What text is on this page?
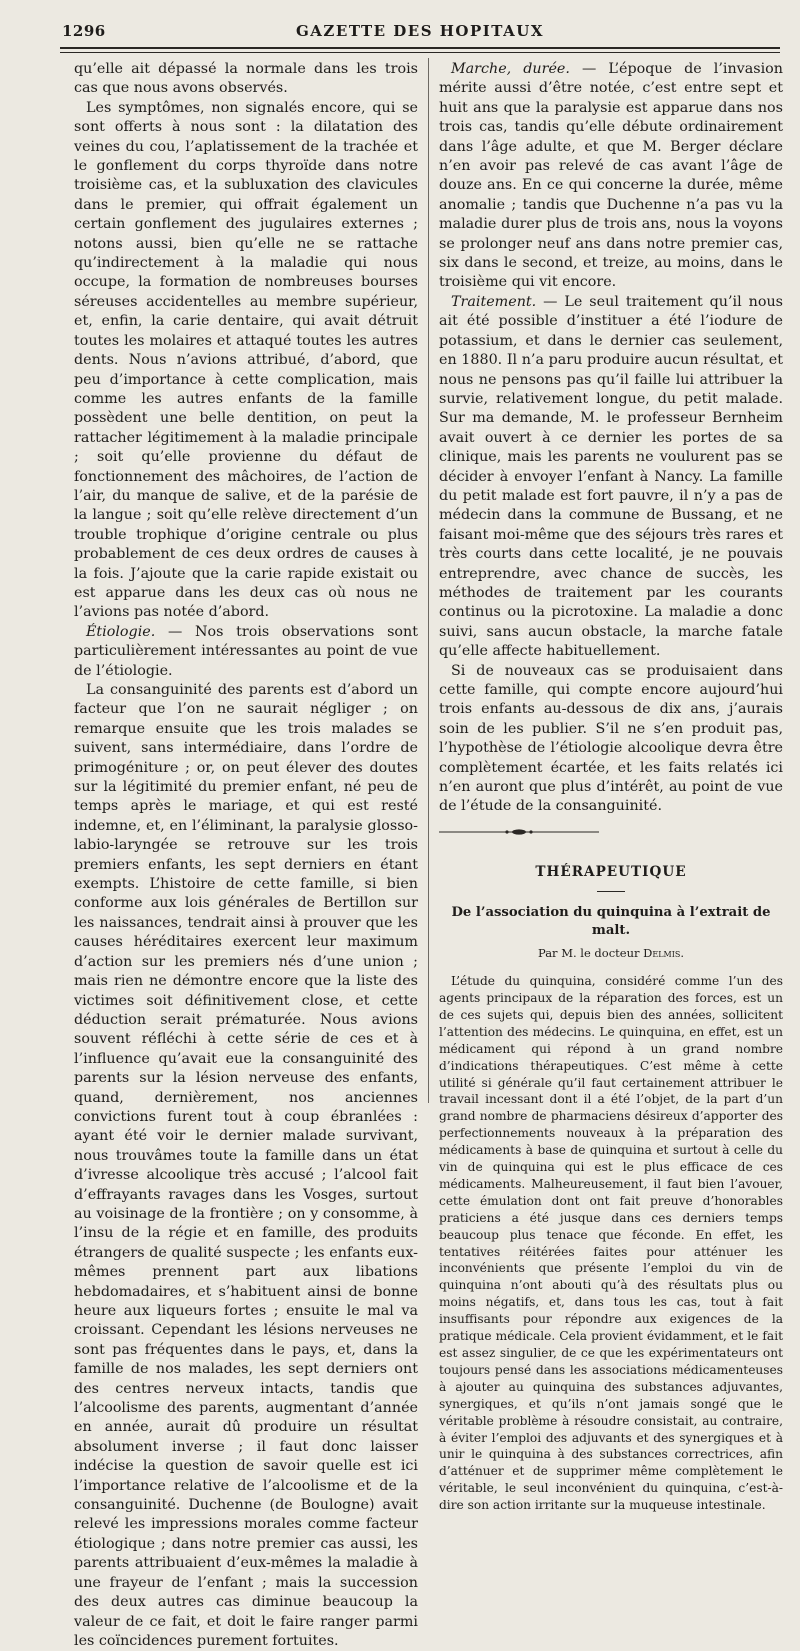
1296	GAZETTE DES HOPITAUX

qu’elle ait dépassé la normale dans les trois cas que nous avons observés.

Les symptômes, non signalés encore, qui se sont offerts à nous sont : la dilatation des veines du cou, l’aplatissement de la trachée et le gonflement du corps thyroïde dans notre troisième cas, et la subluxation des clavicules dans le premier, qui offrait également un certain gonflement des jugulaires externes ; notons aussi, bien qu’elle ne se rattache qu’indirectement à la maladie qui nous occupe, la formation de nombreuses bourses séreuses accidentelles au membre supérieur, et, enfin, la carie dentaire, qui avait détruit toutes les molaires et attaqué toutes les autres dents. Nous n’avions attribué, d’abord, que peu d’importance à cette complication, mais comme les autres enfants de la famille possèdent une belle dentition, on peut la rattacher légitimement à la maladie principale ; soit qu’elle provienne du défaut de fonctionnement des mâchoires, de l’action de l’air, du manque de salive, et de la parésie de la langue ; soit qu’elle relève directement d’un trouble trophique d’origine centrale ou plus probablement de ces deux ordres de causes à la fois. J’ajoute que la carie rapide existait ou est apparue dans les deux cas où nous ne l’avions pas notée d’abord.

Étiologie. — Nos trois observations sont particulièrement intéressantes au point de vue de l’étiologie.

La consanguinité des parents est d’abord un facteur que l’on ne saurait négliger ; on remarque ensuite que les trois malades se suivent, sans intermédiaire, dans l’ordre de primogéniture ; or, on peut élever des doutes sur la légitimité du premier enfant, né peu de temps après le mariage, et qui est resté indemne, et, en l’éliminant, la paralysie glosso-labio-laryngée se retrouve sur les trois premiers enfants, les sept derniers en étant exempts. L’histoire de cette famille, si bien conforme aux lois générales de Bertillon sur les naissances, tendrait ainsi à prouver que les causes héréditaires exercent leur maximum d’action sur les premiers nés d’une union ; mais rien ne démontre encore que la liste des victimes soit définitivement close, et cette déduction serait prématurée. Nous avions souvent réfléchi à cette série de ces et à l’influence qu’avait eue la consanguinité des parents sur la lésion nerveuse des enfants, quand, dernièrement, nos anciennes convictions furent tout à coup ébranlées : ayant été voir le dernier malade survivant, nous trouvâmes toute la famille dans un état d’ivresse alcoolique très accusé ; l’alcool fait d’effrayants ravages dans les Vosges, surtout au voisinage de la frontière ; on y consomme, à l’insu de la régie et en famille, des produits étrangers de qualité suspecte ; les enfants eux-mêmes prennent part aux libations hebdomadaires, et s’habituent ainsi de bonne heure aux liqueurs fortes ; ensuite le mal va croissant. Cependant les lésions nerveuses ne sont pas fréquentes dans le pays, et, dans la famille de nos malades, les sept derniers ont des centres nerveux intacts, tandis que l’alcoolisme des parents, augmentant d’année en année, aurait dû produire un résultat absolument inverse ; il faut donc laisser indécise la question de savoir quelle est ici l’importance relative de l’alcoolisme et de la consanguinité. Duchenne (de Boulogne) avait relevé les impressions morales comme facteur étiologique ; dans notre premier cas aussi, les parents attribuaient d’eux-mêmes la maladie à une frayeur de l’enfant ; mais la succession des deux autres cas diminue beaucoup la valeur de ce fait, et doit le faire ranger parmi les coïncidences purement fortuites.

Marche, durée. — L’époque de l’invasion mérite aussi d’être notée, c’est entre sept et huit ans que la paralysie est apparue dans nos trois cas, tandis qu’elle débute ordinairement dans l’âge adulte, et que M. Berger déclare n’en avoir pas relevé de cas avant l’âge de douze ans. En ce qui concerne la durée, même anomalie ; tandis que Duchenne n’a pas vu la maladie durer plus de trois ans, nous la voyons se prolonger neuf ans dans notre premier cas, six dans le second, et treize, au moins, dans le troisième qui vit encore.

Traitement. — Le seul traitement qu’il nous ait été possible d’instituer a été l’iodure de potassium, et dans le dernier cas seulement, en 1880. Il n’a paru produire aucun résultat, et nous ne pensons pas qu’il faille lui attribuer la survie, relativement longue, du petit malade. Sur ma demande, M. le professeur Bernheim avait ouvert à ce dernier les portes de sa clinique, mais les parents ne voulurent pas se décider à envoyer l’enfant à Nancy. La famille du petit malade est fort pauvre, il n’y a pas de médecin dans la commune de Bussang, et ne faisant moi-même que des séjours très rares et très courts dans cette localité, je ne pouvais entreprendre, avec chance de succès, les méthodes de traitement par les courants continus ou la picrotoxine. La maladie a donc suivi, sans aucun obstacle, la marche fatale qu’elle affecte habituellement.

Si de nouveaux cas se produisaient dans cette famille, qui compte encore aujourd’hui trois enfants au-dessous de dix ans, j’aurais soin de les publier. S’il ne s’en produit pas, l’hypothèse de l’étiologie alcoolique devra être complètement écartée, et les faits relatés ici n’en auront que plus d’intérêt, au point de vue de l’étude de la consanguinité.

THÉRAPEUTIQUE
De l’association du quinquina à l’extrait de malt.
Par M. le docteur Delmis.

L’étude du quinquina, considéré comme l’un des agents principaux de la réparation des forces, est un de ces sujets qui, depuis bien des années, sollicitent l’attention des médecins. Le quinquina, en effet, est un médicament qui répond à un grand nombre d’indications thérapeutiques. C’est même à cette utilité si générale qu’il faut certainement attribuer le travail incessant dont il a été l’objet, de la part d’un grand nombre de pharmaciens désireux d’apporter des perfectionnements nouveaux à la préparation des médicaments à base de quinquina et surtout à celle du vin de quinquina qui est le plus efficace de ces médicaments. Malheureusement, il faut bien l’avouer, cette émulation dont ont fait preuve d’honorables praticiens a été jusque dans ces derniers temps beaucoup plus tenace que féconde. En effet, les tentatives réitérées faites pour atténuer les inconvénients que présente l’emploi du vin de quinquina n’ont abouti qu’à des résultats plus ou moins négatifs, et, dans tous les cas, tout à fait insuffisants pour répondre aux exigences de la pratique médicale. Cela provient évidamment, et le fait est assez singulier, de ce que les expérimentateurs ont toujours pensé dans les associations médicamenteuses à ajouter au quinquina des substances adjuvantes, synergiques, et qu’ils n’ont jamais songé que le véritable problème à résoudre consistait, au contraire, à éviter l’emploi des adjuvants et des synergiques et à unir le quinquina à des substances correctrices, afin d’atténuer et de supprimer même complètement le véritable, le seul inconvénient du quinquina, c’est-à-dire son action irritante sur la muqueuse intestinale.
